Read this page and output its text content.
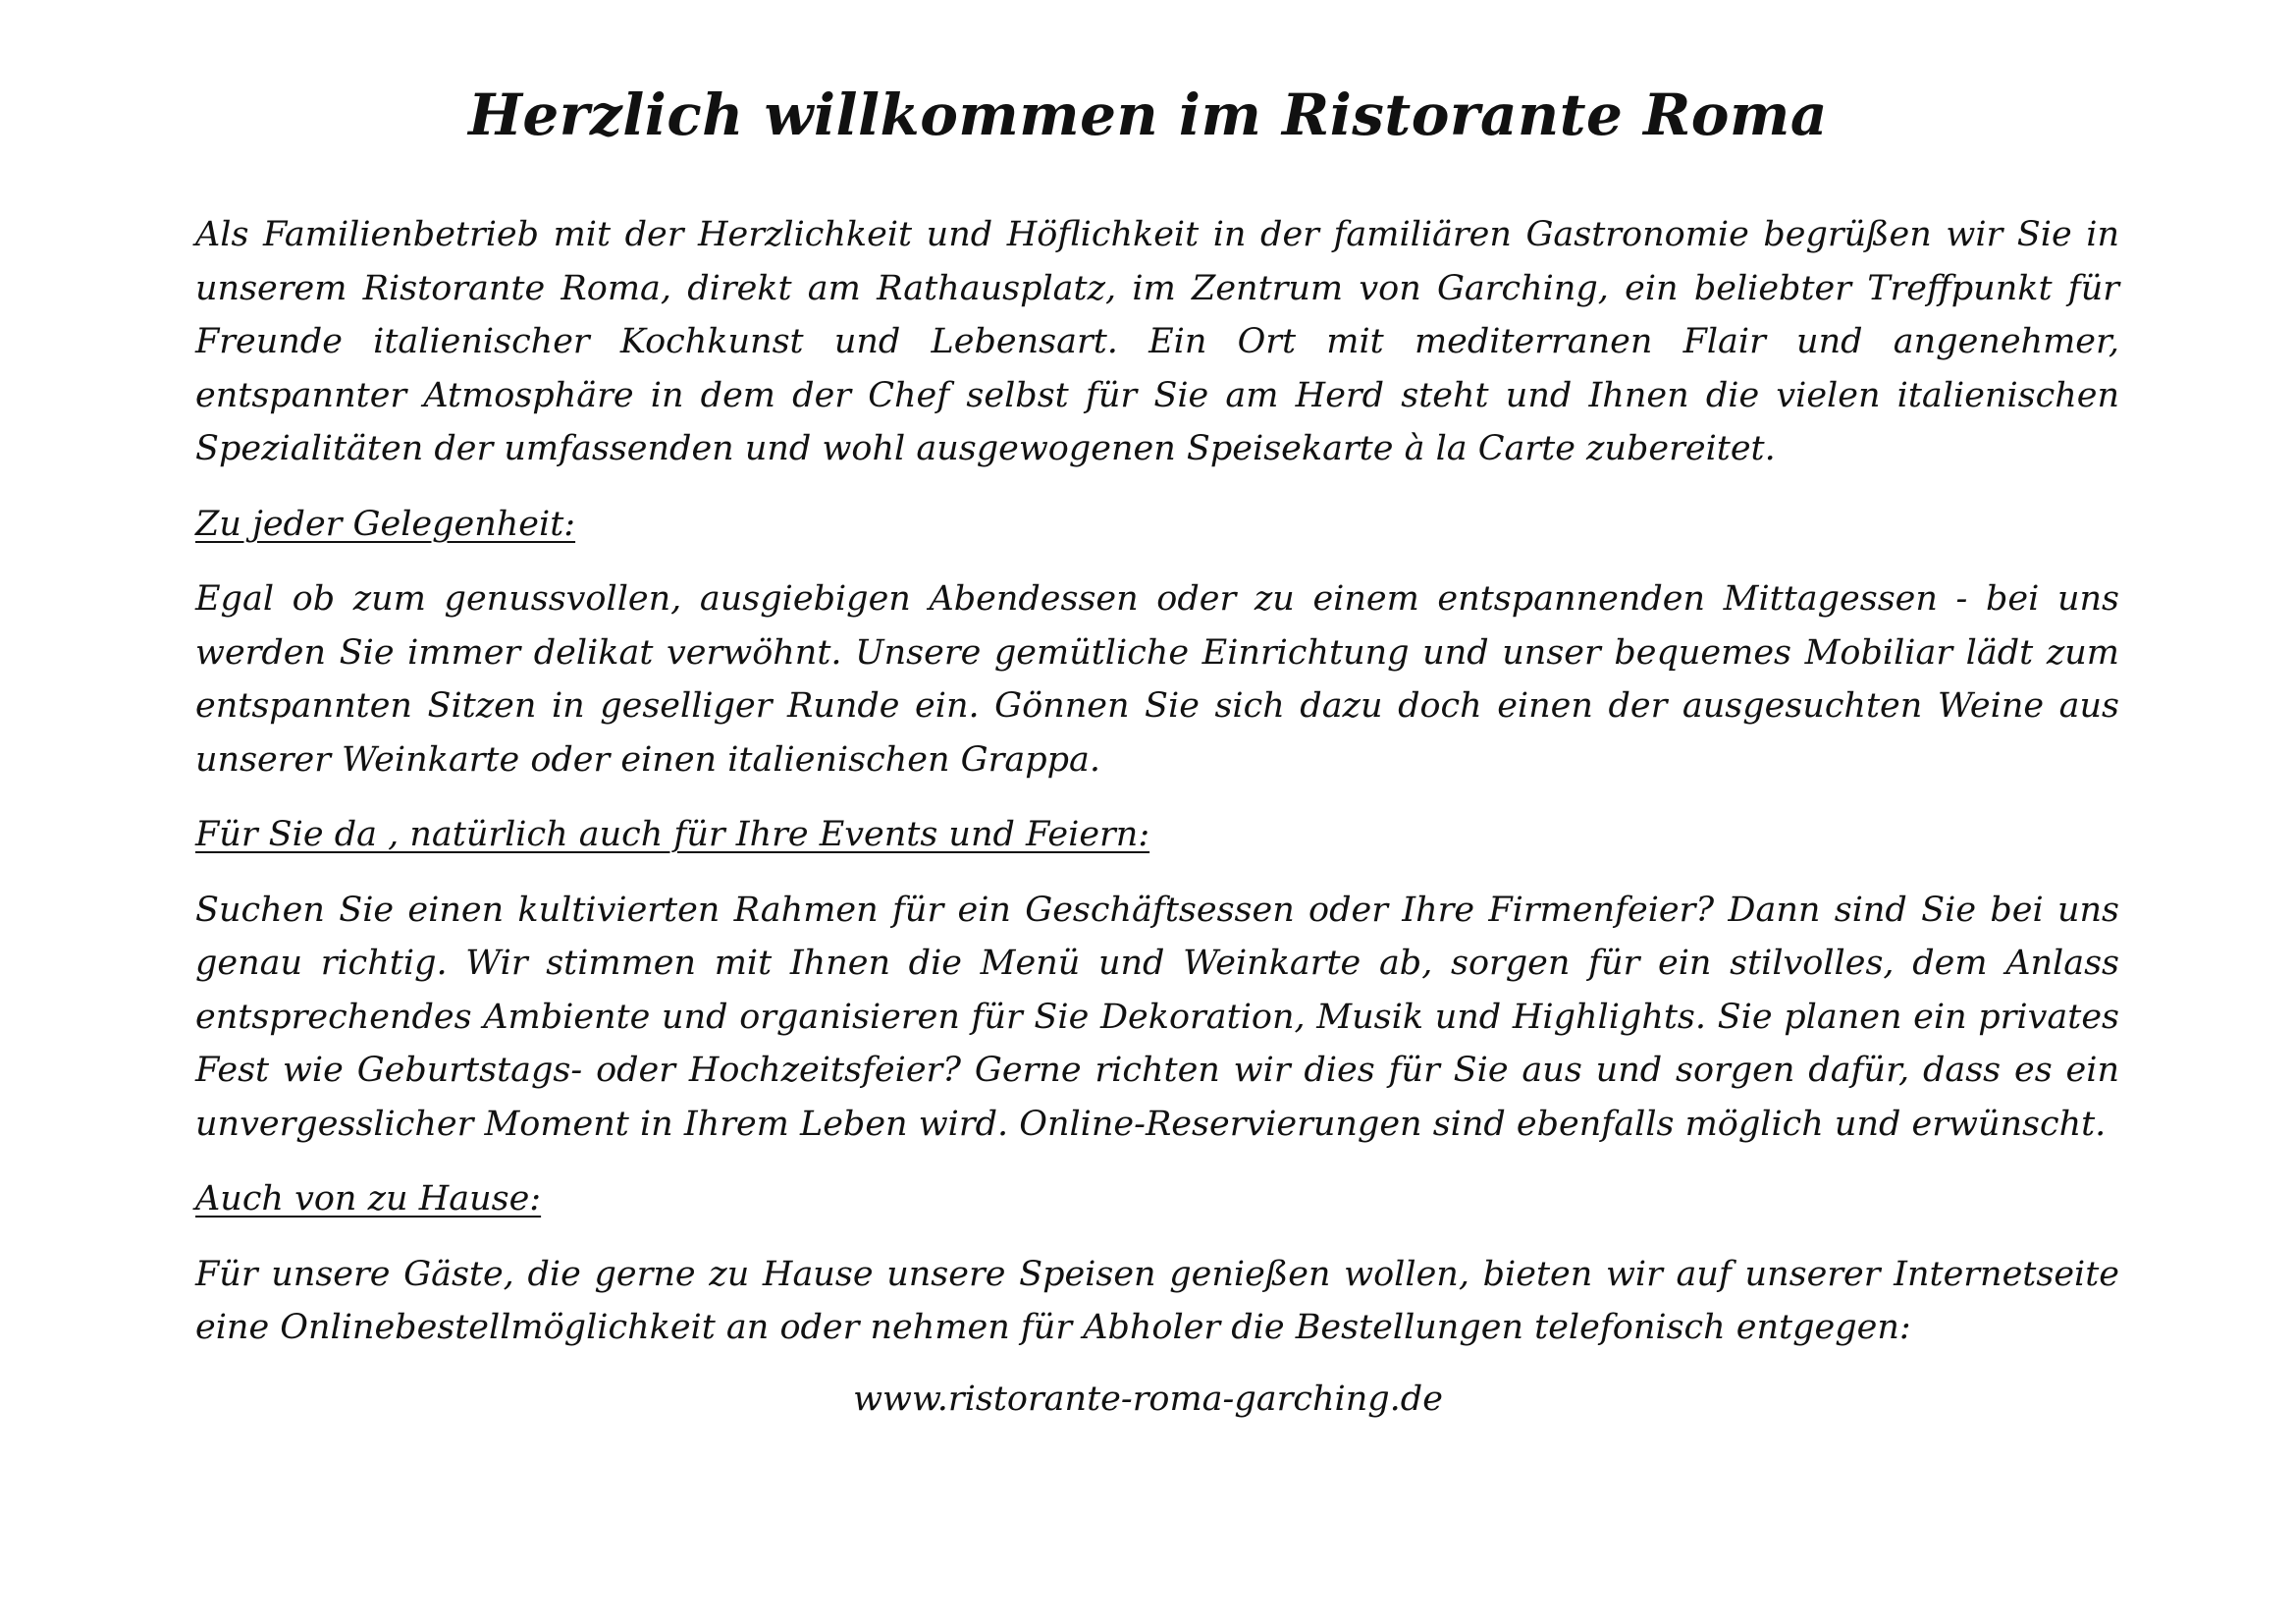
Herzlich willkommen im Ristorante Roma

Als Familienbetrieb mit der Herzlichkeit und Höflichkeit in der familiären Gastronomie begrüßen wir Sie in unserem Ristorante Roma, direkt am Rathausplatz, im Zentrum von Garching, ein beliebter Treffpunkt für Freunde italienischer Kochkunst und Lebensart. Ein Ort mit mediterranen Flair und angenehmer, entspannter Atmosphäre in dem der Chef selbst für Sie am Herd steht und Ihnen die vielen italienischen Spezialitäten der umfassenden und wohl ausgewogenen Speisekarte à la Carte zubereitet.

Zu jeder Gelegenheit:

Egal ob zum genussvollen, ausgiebigen Abendessen oder zu einem entspannenden Mittagessen - bei uns werden Sie immer delikat verwöhnt. Unsere gemütliche Einrichtung und unser bequemes Mobiliar lädt zum entspannten Sitzen in geselliger Runde ein. Gönnen Sie sich dazu doch einen der ausgesuchten Weine aus unserer Weinkarte oder einen italienischen Grappa.

Für Sie da , natürlich auch für Ihre Events und Feiern:

Suchen Sie einen kultivierten Rahmen für ein Geschäftsessen oder Ihre Firmenfeier? Dann sind Sie bei uns genau richtig. Wir stimmen mit Ihnen die Menü und Weinkarte ab, sorgen für ein stilvolles, dem Anlass entsprechendes Ambiente und organisieren für Sie Dekoration, Musik und Highlights. Sie planen ein privates Fest wie Geburtstags- oder Hochzeitsfeier? Gerne richten wir dies für Sie aus und sorgen dafür, dass es ein unvergesslicher Moment in Ihrem Leben wird. Online-Reservierungen sind ebenfalls möglich und erwünscht.

Auch von zu Hause:

Für unsere Gäste, die gerne zu Hause unsere Speisen genießen wollen, bieten wir auf unserer Internetseite eine Onlinebestellmöglichkeit an oder nehmen für Abholer die Bestellungen telefonisch entgegen:

www.ristorante-roma-garching.de
